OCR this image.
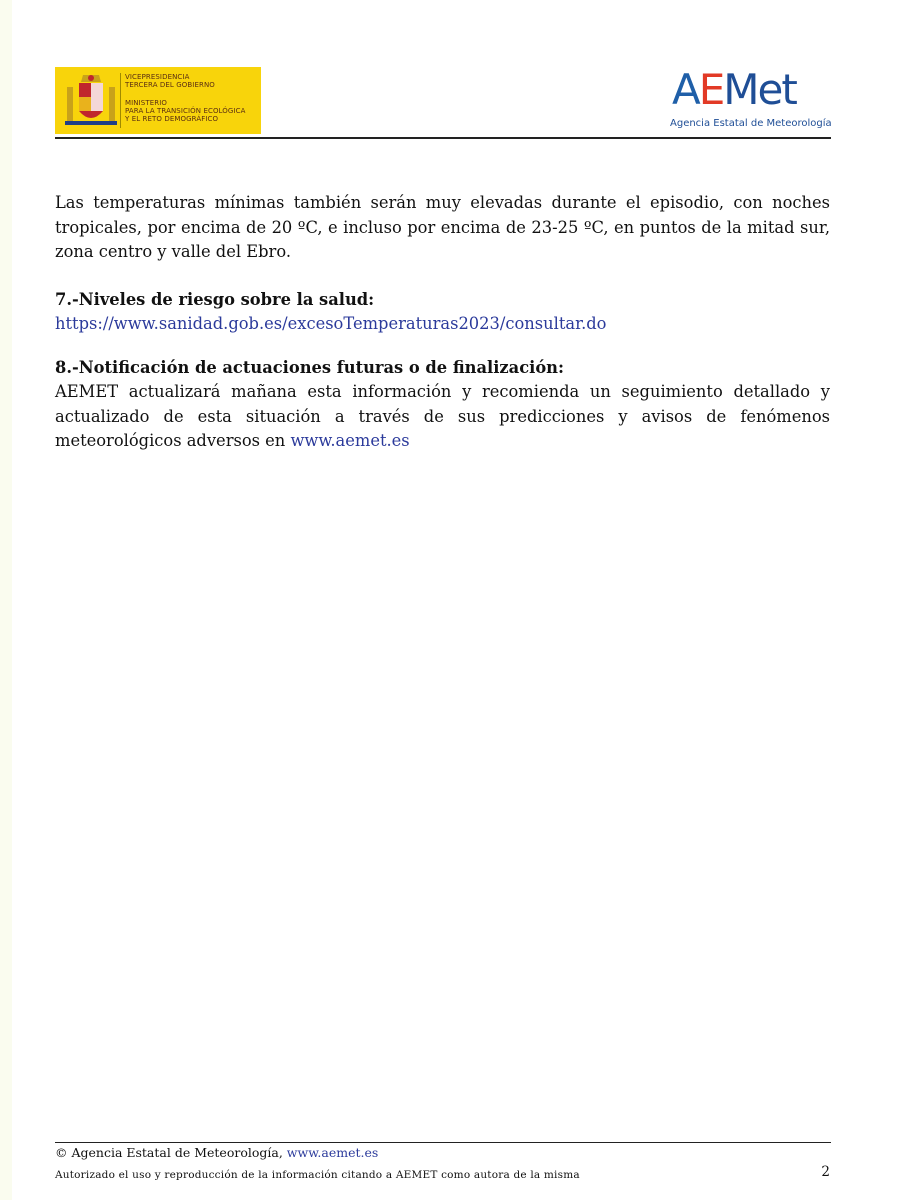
VICEPRESIDENCIA
TERCERA DEL GOBIERNO
MINISTERIO
PARA LA TRANSICIÓN ECOLÓGICA
Y EL RETO DEMOGRÁFICO
AEMet
Agencia Estatal de Meteorología

Las temperaturas mínimas también serán muy elevadas durante el episodio, con noches tropicales, por encima de 20 ºC, e incluso por encima de 23-25 ºC, en puntos de la mitad sur, zona centro y valle del Ebro.

7.-Niveles de riesgo sobre la salud:

https://www.sanidad.gob.es/excesoTemperaturas2023/consultar.do

8.-Notificación de actuaciones futuras o de finalización:

AEMET actualizará mañana esta información y recomienda un seguimiento detallado y actualizado de esta situación a través de sus predicciones y avisos de fenómenos meteorológicos adversos en www.aemet.es

© Agencia Estatal de Meteorología, www.aemet.es
Autorizado el uso y reproducción de la información citando a AEMET como autora de la misma	2
